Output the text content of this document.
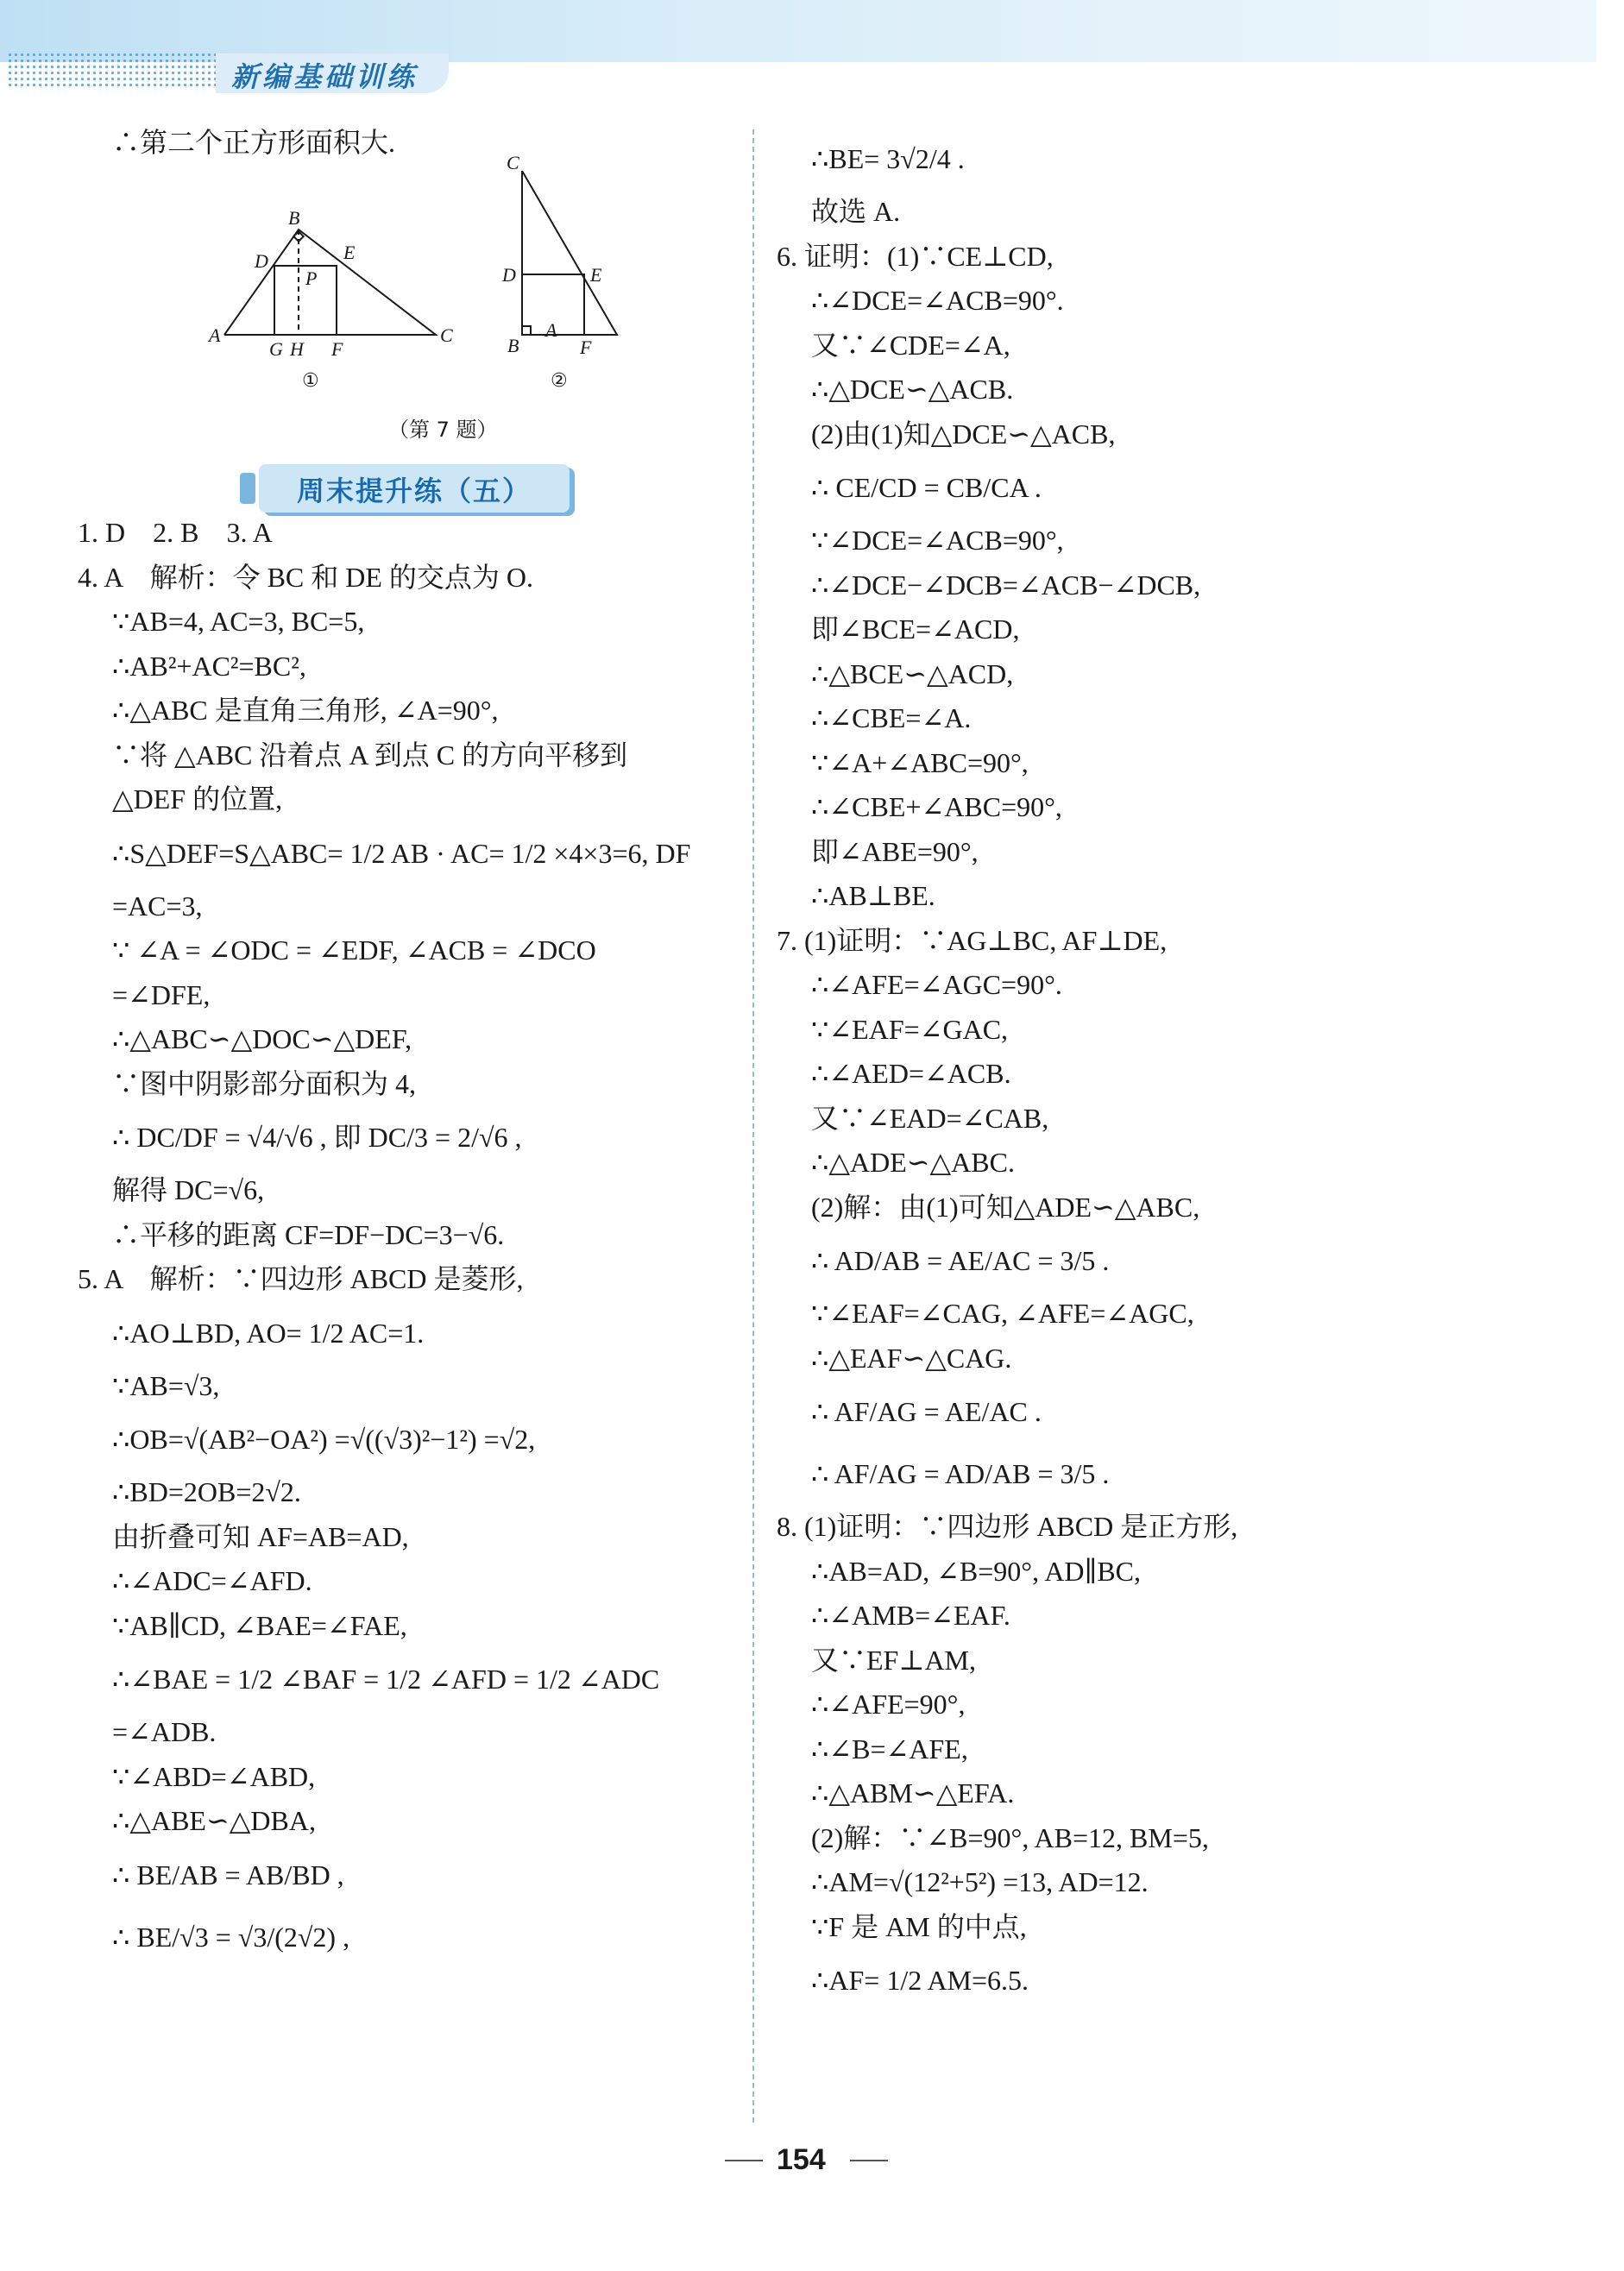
新编基础训练
∴第二个正方形面积大.
A
B
C
D	E
P
G H F
C
D	E
B	F
A
①	②
（第 7 题）
周末提升练（五）
1. D　2. B　3. A
4. A　解析：令 BC 和 DE 的交点为 O.
∵AB=4, AC=3, BC=5,
∴AB²+AC²=BC²,
∴△ABC 是直角三角形, ∠A=90°,
∵将 △ABC 沿着点 A 到点 C 的方向平移到
△DEF 的位置,
∴S△DEF=S△ABC= 1/2 AB · AC= 1/2 ×4×3=6, DF
=AC=3,
∵ ∠A = ∠ODC = ∠EDF, ∠ACB = ∠DCO
=∠DFE,
∴△ABC∽△DOC∽△DEF,
∵图中阴影部分面积为 4,
∴ DC/DF = √4/√6 , 即 DC/3 = 2/√6 ,
解得 DC=√6,
∴平移的距离 CF=DF−DC=3−√6.
5. A　解析：∵四边形 ABCD 是菱形,
∴AO⊥BD, AO= 1/2 AC=1.
∵AB=√3,
∴OB=√(AB²−OA²) =√((√3)²−1²) =√2,
∴BD=2OB=2√2.
由折叠可知 AF=AB=AD,
∴∠ADC=∠AFD.
∵AB∥CD, ∠BAE=∠FAE,
∴∠BAE = 1/2 ∠BAF = 1/2 ∠AFD = 1/2 ∠ADC
=∠ADB.
∵∠ABD=∠ABD,
∴△ABE∽△DBA,
∴ BE/AB = AB/BD ,
∴ BE/√3 = √3/(2√2) ,
∴BE= 3√2/4 .
故选 A.
6. 证明：(1)∵CE⊥CD,
∴∠DCE=∠ACB=90°.
又∵∠CDE=∠A,
∴△DCE∽△ACB.
(2)由(1)知△DCE∽△ACB,
∴ CE/CD = CB/CA .
∵∠DCE=∠ACB=90°,
∴∠DCE−∠DCB=∠ACB−∠DCB,
即∠BCE=∠ACD,
∴△BCE∽△ACD,
∴∠CBE=∠A.
∵∠A+∠ABC=90°,
∴∠CBE+∠ABC=90°,
即∠ABE=90°,
∴AB⊥BE.
7. (1)证明：∵AG⊥BC, AF⊥DE,
∴∠AFE=∠AGC=90°.
∵∠EAF=∠GAC,
∴∠AED=∠ACB.
又∵∠EAD=∠CAB,
∴△ADE∽△ABC.
(2)解：由(1)可知△ADE∽△ABC,
∴ AD/AB = AE/AC = 3/5 .
∵∠EAF=∠CAG, ∠AFE=∠AGC,
∴△EAF∽△CAG.
∴ AF/AG = AE/AC .
∴ AF/AG = AD/AB = 3/5 .
8. (1)证明：∵四边形 ABCD 是正方形,
∴AB=AD, ∠B=90°, AD∥BC,
∴∠AMB=∠EAF.
又∵EF⊥AM,
∴∠AFE=90°,
∴∠B=∠AFE,
∴△ABM∽△EFA.
(2)解：∵∠B=90°, AB=12, BM=5,
∴AM=√(12²+5²) =13, AD=12.
∵F 是 AM 的中点,
∴AF= 1/2 AM=6.5.
154
